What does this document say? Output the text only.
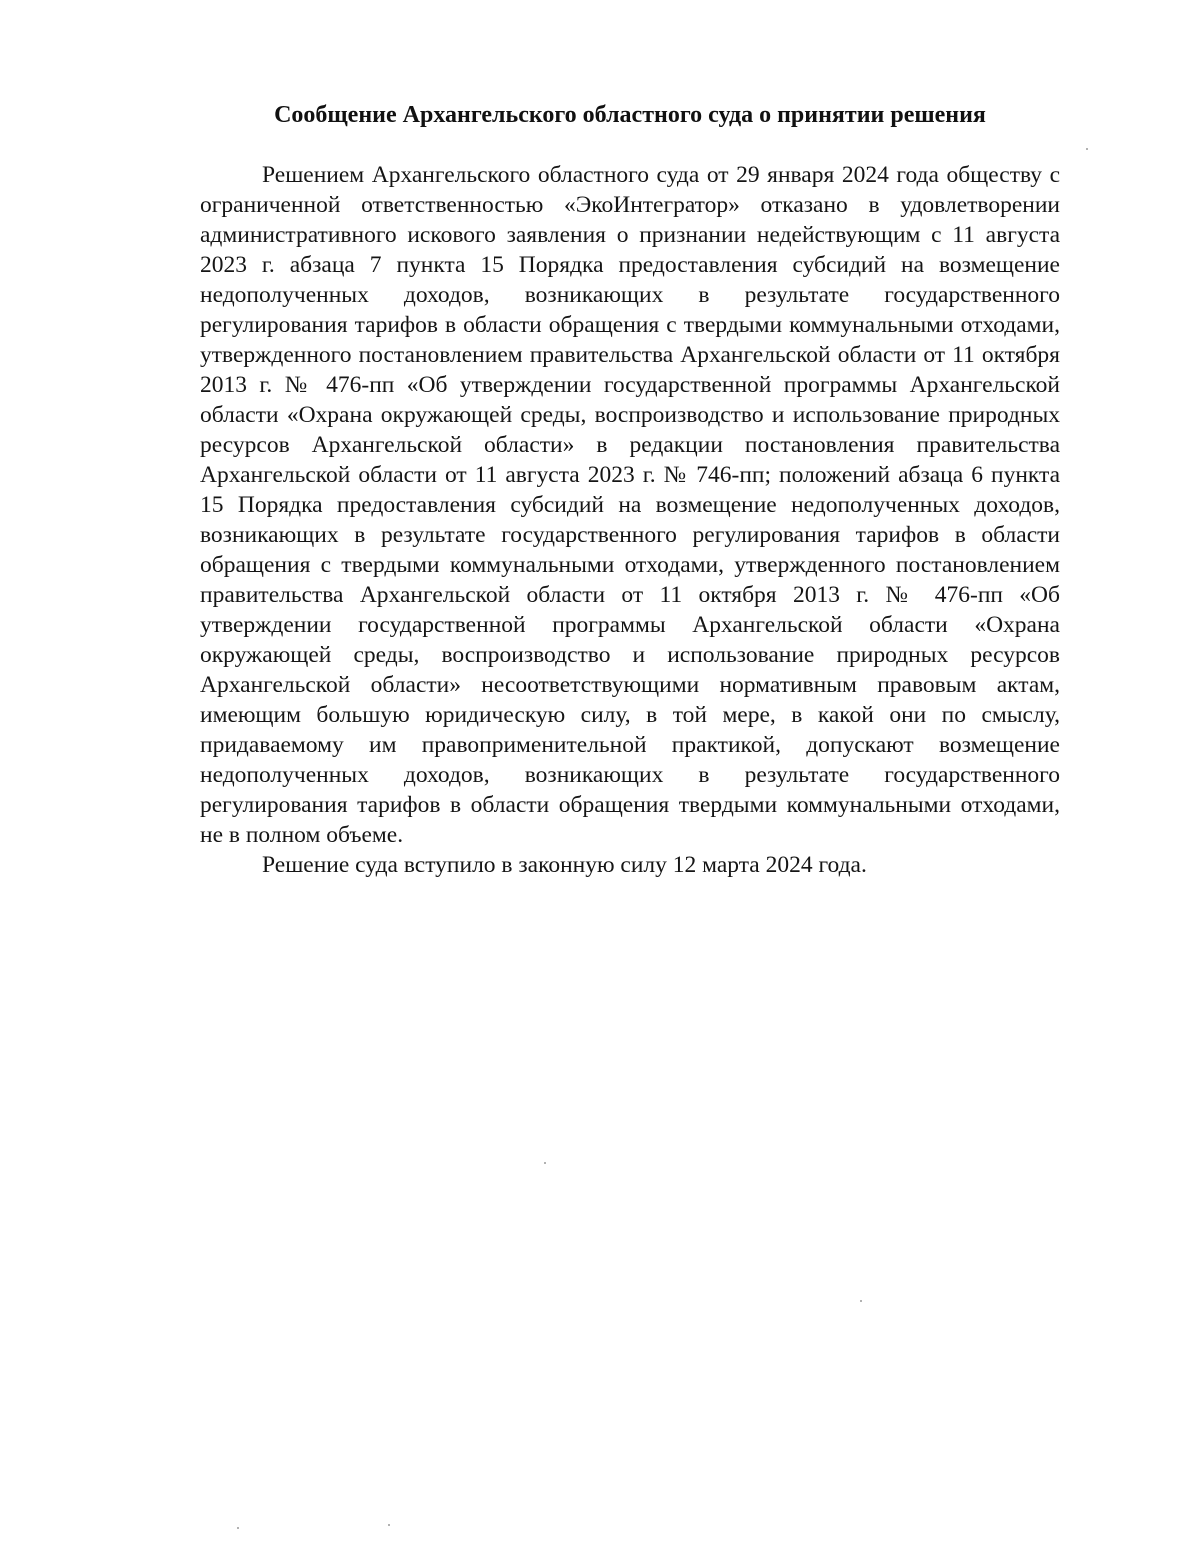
Сообщение Архангельского областного суда о принятии решения

Решением Архангельского областного суда от 29 января 2024 года обществу с ограниченной ответственностью «ЭкоИнтегратор» отказано в удовлетворении административного искового заявления о признании недействующим с 11 августа 2023 г. абзаца 7 пункта 15 Порядка предоставления субсидий на возмещение недополученных доходов, возникающих в результате государственного регулирования тарифов в области обращения с твердыми коммунальными отходами, утвержденного постановлением правительства Архангельской области от 11 октября 2013 г. № 476-пп «Об утверждении государственной программы Архангельской области «Охрана окружающей среды, воспроизводство и использование природных ресурсов Архангельской области» в редакции постановления правительства Архангельской области от 11 августа 2023 г. № 746-пп; положений абзаца 6 пункта 15 Порядка предоставления субсидий на возмещение недополученных доходов, возникающих в результате государственного регулирования тарифов в области обращения с твердыми коммунальными отходами, утвержденного постановлением правительства Архангельской области от 11 октября 2013 г. № 476-пп «Об утверждении государственной программы Архангельской области «Охрана окружающей среды, воспроизводство и использование природных ресурсов Архангельской области» несоответствующими нормативным правовым актам, имеющим большую юридическую силу, в той мере, в какой они по смыслу, придаваемому им правоприменительной практикой, допускают возмещение недополученных доходов, возникающих в результате государственного регулирования тарифов в области обращения твердыми коммунальными отходами, не в полном объеме.

Решение суда вступило в законную силу 12 марта 2024 года.
